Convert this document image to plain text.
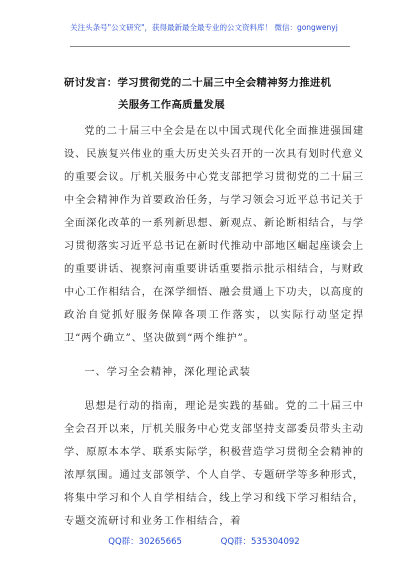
关注头条号"公文研究"，获得最新最全最专业的公文资料库！ 微信：gongwenyj
研讨发言：学习贯彻党的二十届三中全会精神努力推进机
关服务工作高质量发展

党的二十届三中全会是在以中国式现代化全面推进强国建设、民族复兴伟业的重大历史关头召开的一次具有划时代意义的重要会议。厅机关服务中心党支部把学习贯彻党的二十届三中全会精神作为首要政治任务，与学习领会习近平总书记关于全面深化改革的一系列新思想、新观点、新论断相结合，与学习贯彻落实习近平总书记在新时代推动中部地区崛起座谈会上的重要讲话、视察河南重要讲话重要指示批示相结合，与财政中心工作相结合，在深学细悟、融会贯通上下功夫，以高度的政治自觉抓好服务保障各项工作落实，以实际行动坚定捍卫“两个确立”、坚决做到“两个维护”。

一、学习全会精神，深化理论武装

思想是行动的指南，理论是实践的基础。党的二十届三中全会召开以来，厅机关服务中心党支部坚持支部委员带头主动学、原原本本学、联系实际学，积极营造学习贯彻全会精神的浓厚氛围。通过支部领学、个人自学、专题研学等多种形式，将集中学习和个人自学相结合，线上学习和线下学习相结合，专题交流研讨和业务工作相结合，着

QQ群：30265665	QQ群：535304092
